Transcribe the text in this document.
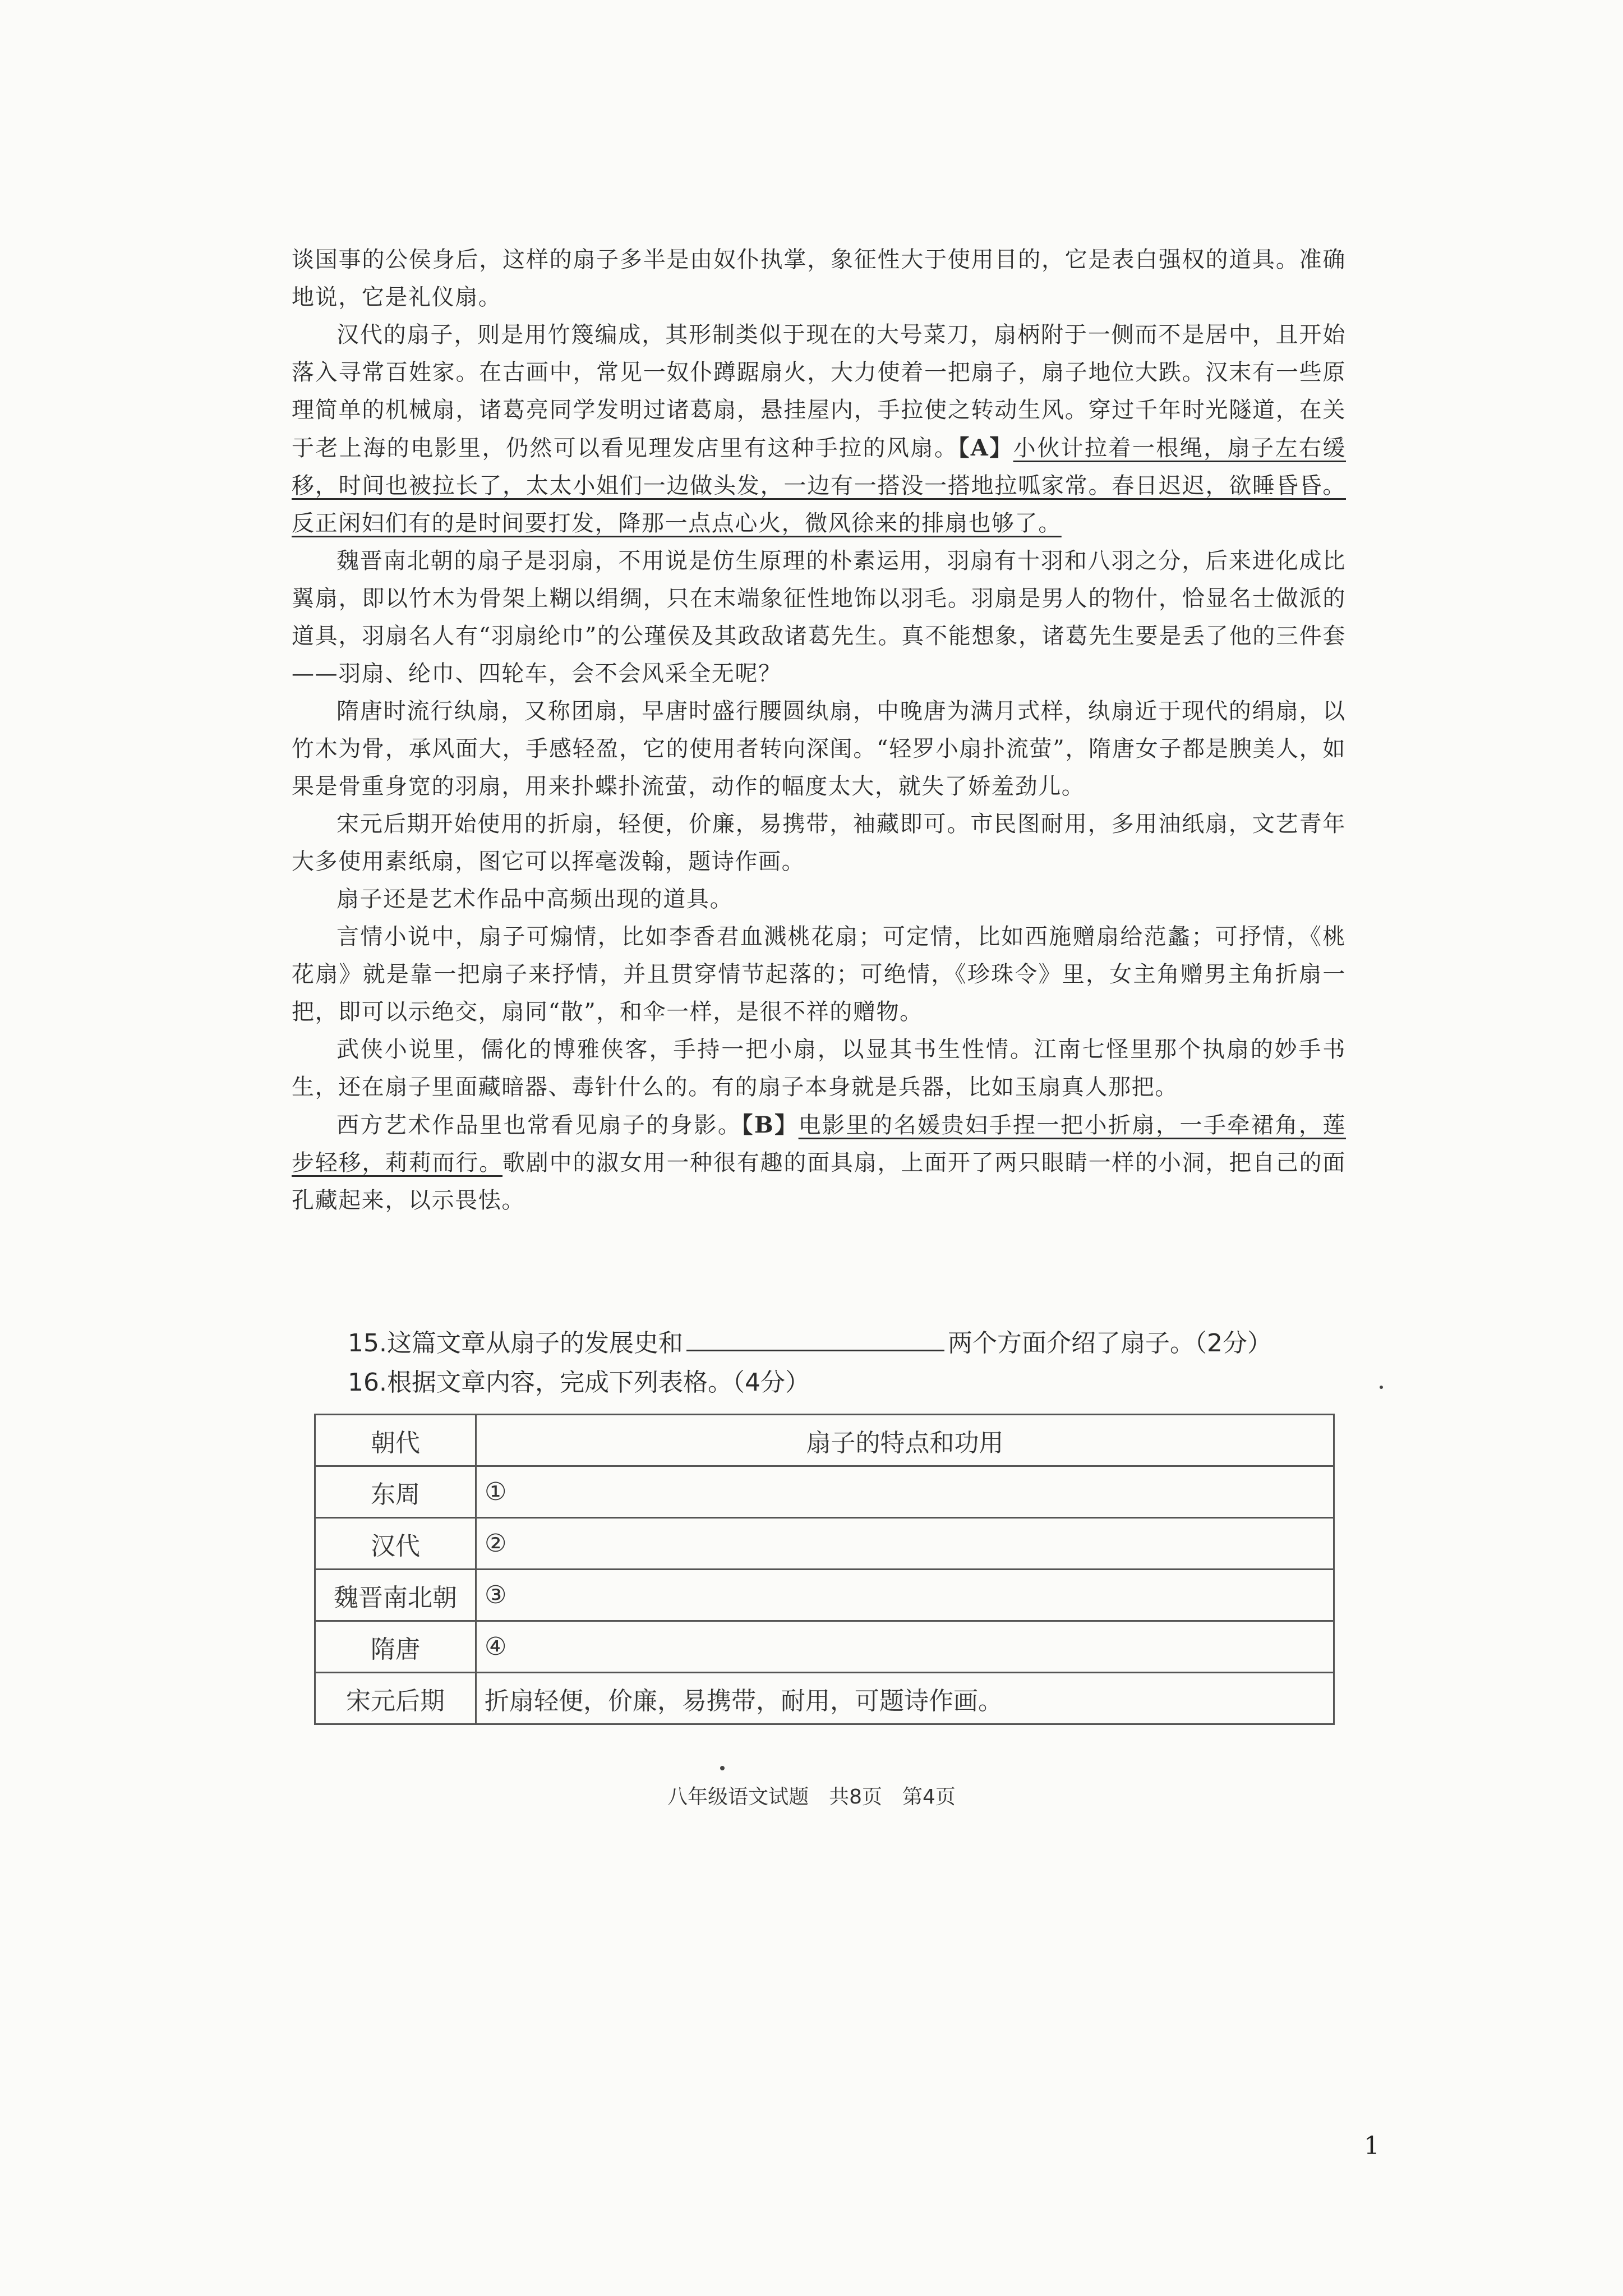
谈国事的公侯身后，这样的扇子多半是由奴仆执掌，象征性大于使用目的，它是表白强权的道具。准确地说，它是礼仪扇。

汉代的扇子，则是用竹篾编成，其形制类似于现在的大号菜刀，扇柄附于一侧而不是居中，且开始落入寻常百姓家。在古画中，常见一奴仆蹲踞扇火，大力使着一把扇子，扇子地位大跌。汉末有一些原理简单的机械扇，诸葛亮同学发明过诸葛扇，悬挂屋内，手拉使之转动生风。穿过千年时光隧道，在关于老上海的电影里，仍然可以看见理发店里有这种手拉的风扇。【A】小伙计拉着一根绳，扇子左右缓移，时间也被拉长了，太太小姐们一边做头发，一边有一搭没一搭地拉呱家常。春日迟迟，欲睡昏昏。反正闲妇们有的是时间要打发，降那一点点心火，微风徐来的排扇也够了。

魏晋南北朝的扇子是羽扇，不用说是仿生原理的朴素运用，羽扇有十羽和八羽之分，后来进化成比翼扇，即以竹木为骨架上糊以绢绸，只在末端象征性地饰以羽毛。羽扇是男人的物什，恰显名士做派的道具，羽扇名人有“羽扇纶巾”的公瑾侯及其政敌诸葛先生。真不能想象，诸葛先生要是丢了他的三件套——羽扇、纶巾、四轮车，会不会风采全无呢？

隋唐时流行纨扇，又称团扇，早唐时盛行腰圆纨扇，中晚唐为满月式样，纨扇近于现代的绢扇，以竹木为骨，承风面大，手感轻盈，它的使用者转向深闺。“轻罗小扇扑流萤”，隋唐女子都是腴美人，如果是骨重身宽的羽扇，用来扑蝶扑流萤，动作的幅度太大，就失了娇羞劲儿。

宋元后期开始使用的折扇，轻便，价廉，易携带，袖藏即可。市民图耐用，多用油纸扇，文艺青年大多使用素纸扇，图它可以挥毫泼翰，题诗作画。

扇子还是艺术作品中高频出现的道具。

言情小说中，扇子可煽情，比如李香君血溅桃花扇；可定情，比如西施赠扇给范蠡；可抒情，《桃花扇》就是靠一把扇子来抒情，并且贯穿情节起落的；可绝情，《珍珠令》里，女主角赠男主角折扇一把，即可以示绝交，扇同“散”，和伞一样，是很不祥的赠物。

武侠小说里，儒化的博雅侠客，手持一把小扇，以显其书生性情。江南七怪里那个执扇的妙手书生，还在扇子里面藏暗器、毒针什么的。有的扇子本身就是兵器，比如玉扇真人那把。

西方艺术作品里也常看见扇子的身影。【B】电影里的名媛贵妇手捏一把小折扇，一手牵裙角，莲步轻移，莉莉而行。歌剧中的淑女用一种很有趣的面具扇，上面开了两只眼睛一样的小洞，把自己的面孔藏起来，以示畏怯。

15.这篇文章从扇子的发展史和	两个方面介绍了扇子。（2分）
16.根据文章内容，完成下列表格。（4分）
朝代	扇子的特点和功用
东周	①
汉代	②
魏晋南北朝	③
隋唐	④
宋元后期	折扇轻便，价廉，易携带，耐用，可题诗作画。
八年级语文试题 共8页 第4页
1
